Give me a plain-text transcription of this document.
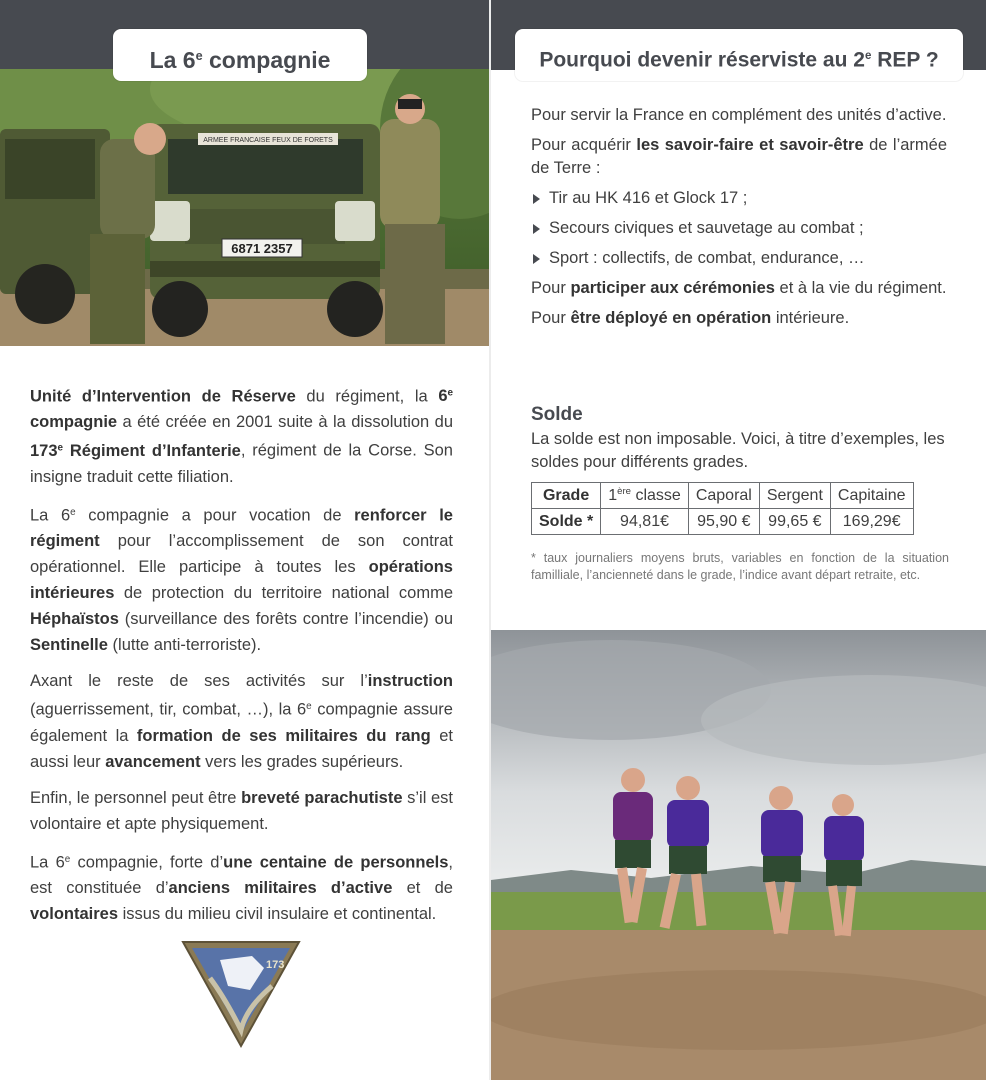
ARMEE FRANCAISE FEUX DE FORETS
6871 2357
La 6e compagnie

Unité d’Intervention de Réserve du régiment, la 6e compagnie a été créée en 2001 suite à la dissolution du 173e Régiment d’Infanterie, régiment de la Corse. Son insigne traduit cette filiation.

La 6e compagnie a pour vocation de renforcer le régiment pour l’accomplissement de son contrat opérationnel. Elle participe à toutes les opérations intérieures de protection du territoire national comme Héphaïstos (surveillance des forêts contre l’incendie) ou Sentinelle (lutte anti-terroriste).

Axant le reste de ses activités sur l’instruction (aguerrissement, tir, combat, …), la 6e compagnie assure également la formation de ses militaires du rang et aussi leur avancement vers les grades supérieurs.

Enfin, le personnel peut être breveté parachutiste s’il est volontaire et apte physiquement.

La 6e compagnie, forte d’une centaine de personnels, est constituée d’anciens militaires d’active et de volontaires issus du milieu civil insulaire et continental.

173
Pourquoi devenir réserviste au 2e REP ?

Pour servir la France en complément des unités d’active.

Pour acquérir les savoir-faire et savoir-être de l’armée de Terre :

Tir au HK 416 et Glock 17 ;
Secours civiques et sauvetage au combat ;
Sport : collectifs, de combat, endurance, …

Pour participer aux cérémonies et à la vie du régiment.

Pour être déployé en opération intérieure.

Solde
La solde est non imposable. Voici, à titre d’exemples, les soldes pour différents grades.
Grade	1ère classe	Caporal	Sergent	Capitaine
Solde *	94,81€	95,90 €	99,65 €	169,29€
* taux journaliers moyens bruts, variables en fonction de la situation familliale, l’ancienneté dans le grade, l’indice avant départ retraite, etc.
